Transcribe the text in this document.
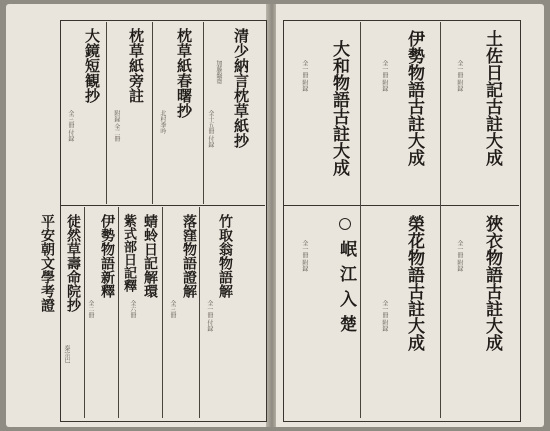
清少納言枕草紙抄
加藤盤齋
全十五冊 付録
枕草紙春曙抄
北村季吟
枕草紙旁註
附録 全二冊
大鏡短観抄
全三冊 付録
竹取翁物語解
全一冊 付録
落窪物語證解
全三冊
蜻蛉日記解環
全六冊
紫式部日記釋
伊勢物語新釋
全二冊
徒然草壽命院抄
秦宗巴
平安朝文學考證
土佐日記古註大成
全一冊 附録
伊勢物語古註大成
全一冊 附録
大和物語古註大成
全一冊 附録
狹衣物語古註大成
全一冊 附録
榮花物語古註大成
全一冊 附録
岷江入楚
全一冊 附録
